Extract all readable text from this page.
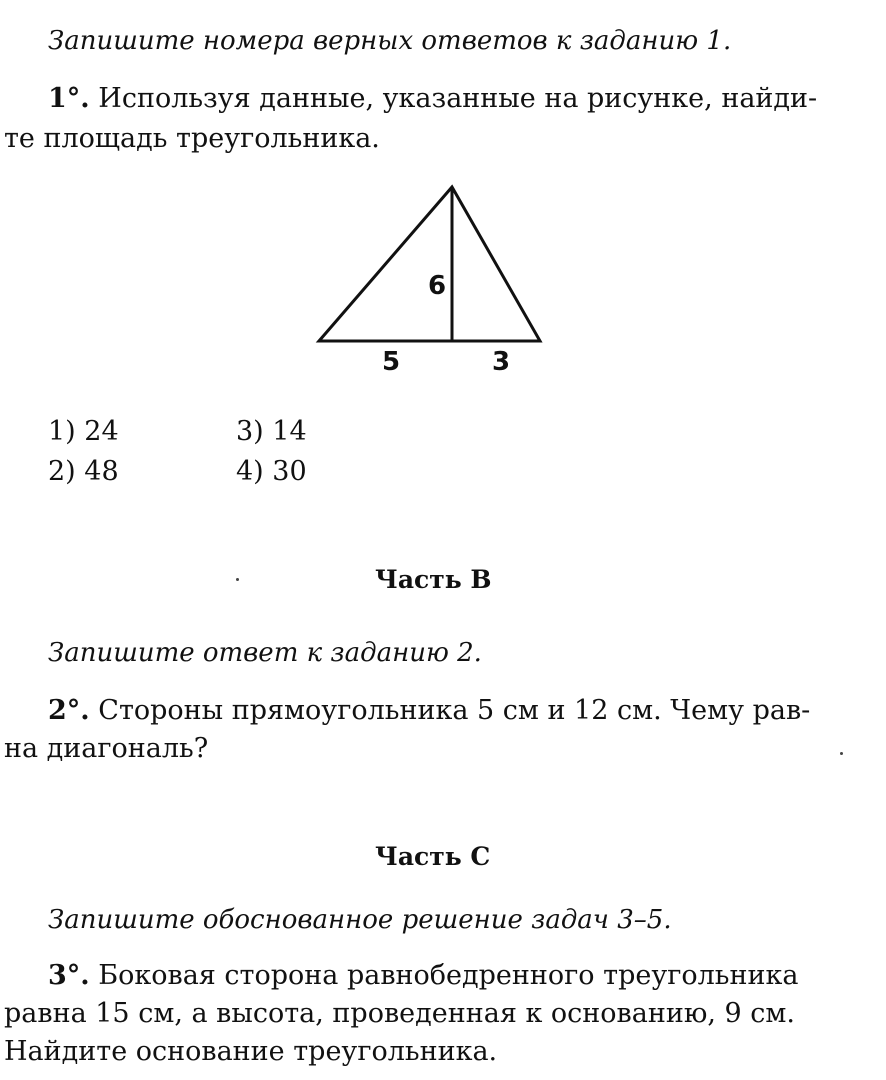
Запишите номера верных ответов к заданию 1.
1°. Используя данные, указанные на рисунке, найди-
те площадь треугольника.
6
5	3
1) 24
2) 48
3) 14
4) 30
Часть B
Запишите ответ к заданию 2.
2°. Стороны прямоугольника 5 см и 12 см. Чему рав-
на диагональ?
Часть C
Запишите обоснованное решение задач 3–5.
3°. Боковая сторона равнобедренного треугольника
равна 15 см, а высота, проведенная к основанию, 9 см.
Найдите основание треугольника.
